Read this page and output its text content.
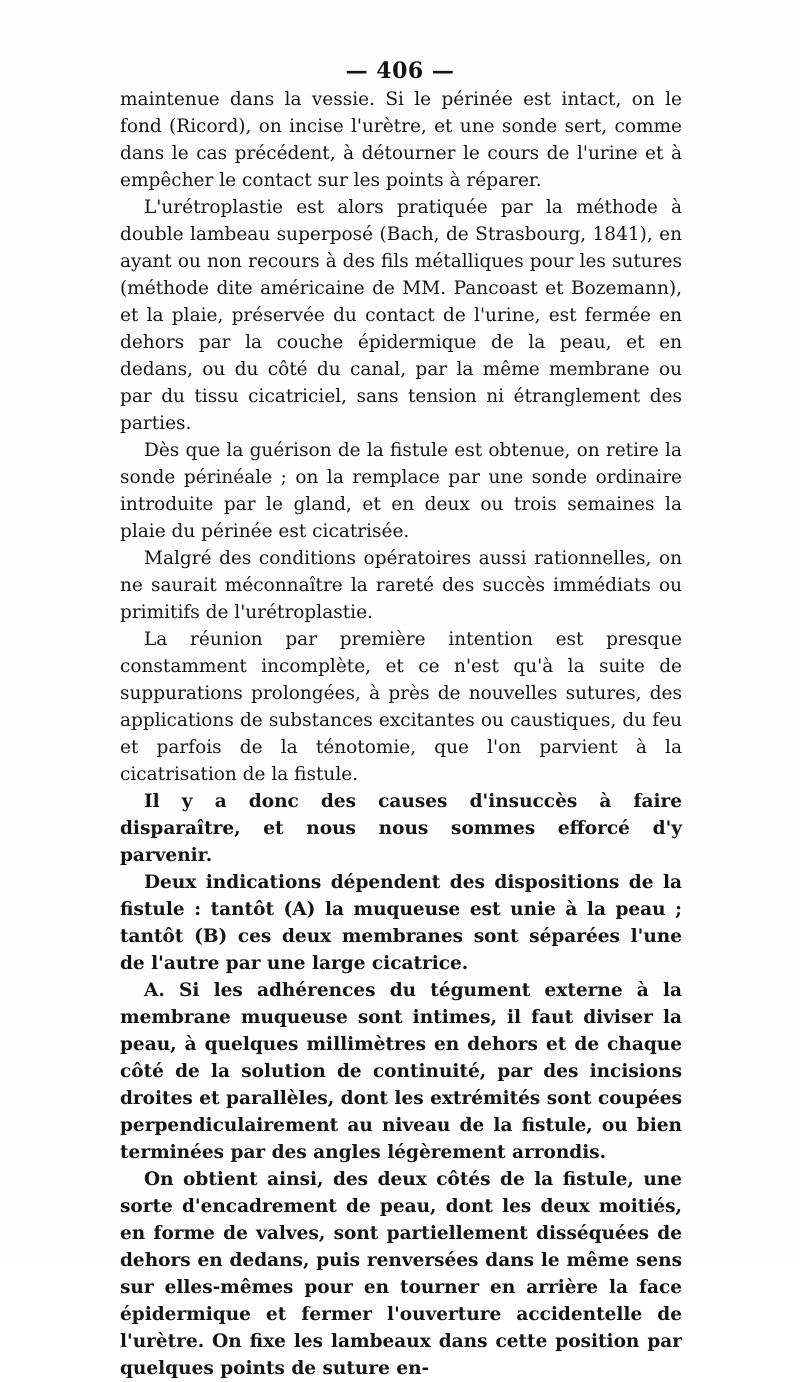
— 406 —

maintenue dans la vessie. Si le périnée est intact, on le fond (Ricord), on incise l'urètre, et une sonde sert, comme dans le cas précédent, à détourner le cours de l'urine et à empêcher le contact sur les points à réparer.

L'urétroplastie est alors pratiquée par la méthode à double lambeau superposé (Bach, de Strasbourg, 1841), en ayant ou non recours à des fils métalliques pour les sutures (méthode dite américaine de MM. Pancoast et Bozemann), et la plaie, préservée du contact de l'urine, est fermée en dehors par la couche épidermique de la peau, et en dedans, ou du côté du canal, par la même membrane ou par du tissu cicatriciel, sans tension ni étranglement des parties.

Dès que la guérison de la fistule est obtenue, on retire la sonde périnéale ; on la remplace par une sonde ordinaire introduite par le gland, et en deux ou trois semaines la plaie du périnée est cicatrisée.

Malgré des conditions opératoires aussi rationnelles, on ne saurait méconnaître la rareté des succès immédiats ou primitifs de l'urétroplastie.

La réunion par première intention est presque constamment incomplète, et ce n'est qu'à la suite de suppurations prolongées, à près de nouvelles sutures, des applications de substances excitantes ou caustiques, du feu et parfois de la ténotomie, que l'on parvient à la cicatrisation de la fistule.

Il y a donc des causes d'insuccès à faire disparaître, et nous nous sommes efforcé d'y parvenir.

Deux indications dépendent des dispositions de la fistule : tantôt (A) la muqueuse est unie à la peau ; tantôt (B) ces deux membranes sont séparées l'une de l'autre par une large cicatrice.

A. Si les adhérences du tégument externe à la membrane muqueuse sont intimes, il faut diviser la peau, à quelques millimètres en dehors et de chaque côté de la solution de continuité, par des incisions droites et parallèles, dont les extrémités sont coupées perpendiculairement au niveau de la fistule, ou bien terminées par des angles légèrement arrondis.

On obtient ainsi, des deux côtés de la fistule, une sorte d'encadrement de peau, dont les deux moitiés, en forme de valves, sont partiellement disséquées de dehors en dedans, puis renversées dans le même sens sur elles-mêmes pour en tourner en arrière la face épidermique et fermer l'ouverture accidentelle de l'urètre. On fixe les lambeaux dans cette position par quelques points de suture en-
